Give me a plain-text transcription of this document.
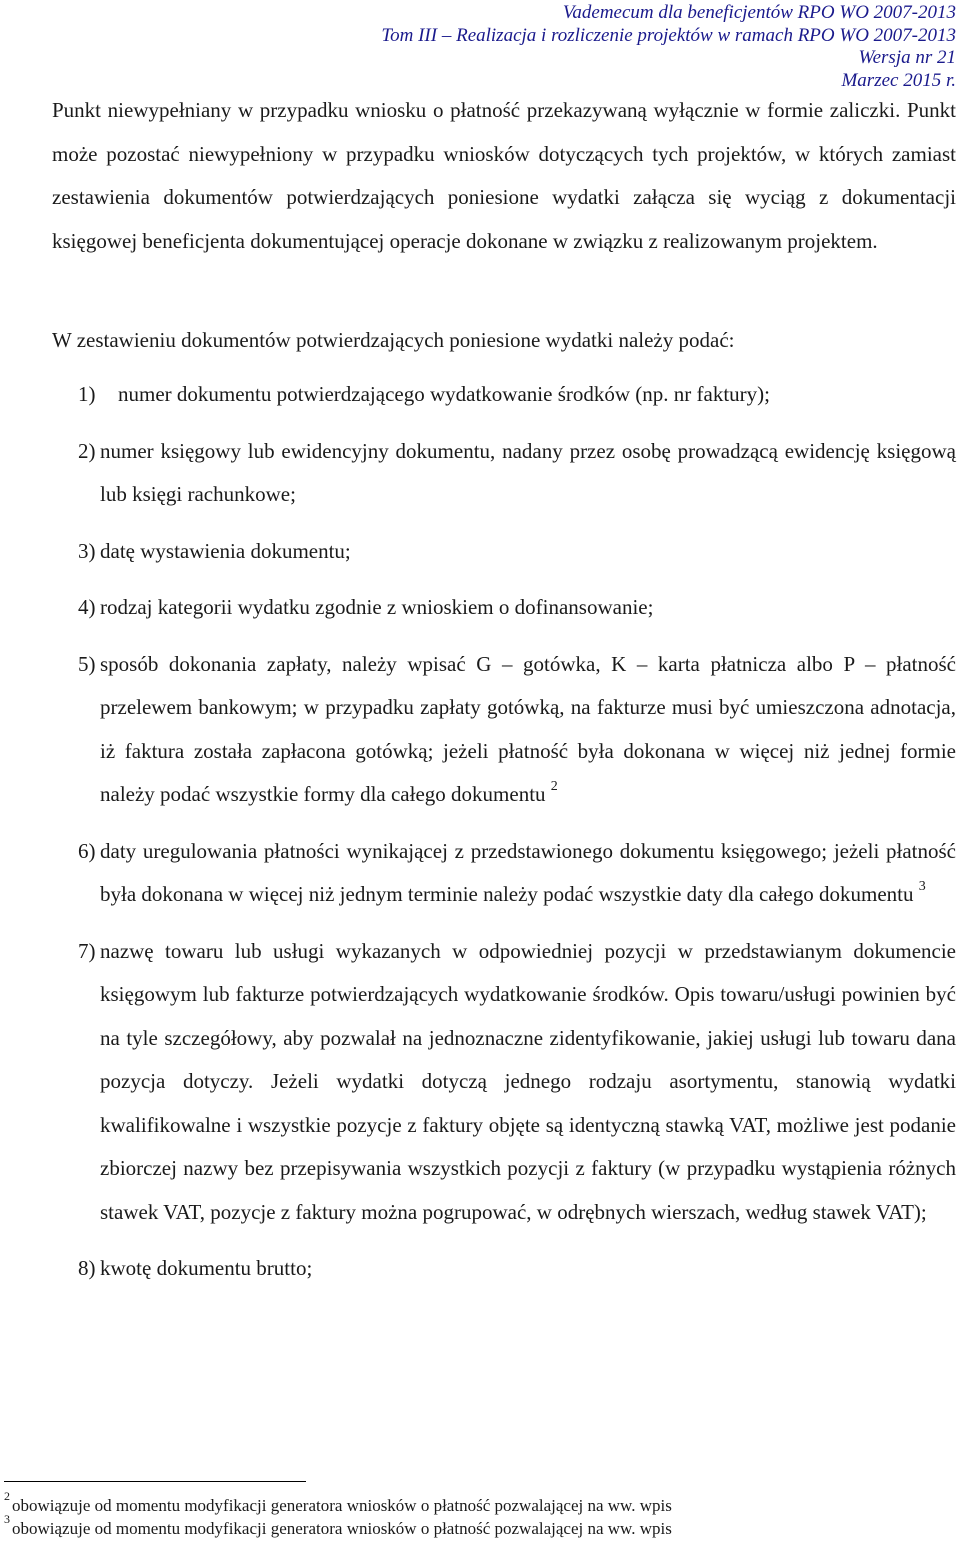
Vademecum dla beneficjentów RPO WO 2007-2013
Tom III – Realizacja i rozliczenie projektów w ramach RPO WO 2007-2013
Wersja nr 21
Marzec 2015 r.
Punkt niewypełniany w przypadku wniosku o płatność przekazywaną wyłącznie w formie zaliczki. Punkt może pozostać niewypełniony w przypadku wniosków dotyczących tych projektów, w których zamiast zestawienia dokumentów potwierdzających poniesione wydatki załącza się wyciąg z dokumentacji księgowej beneficjenta dokumentującej operacje dokonane w związku z realizowanym projektem.
W zestawieniu dokumentów potwierdzających poniesione wydatki należy podać:
1) numer dokumentu potwierdzającego wydatkowanie środków (np. nr faktury);
2) numer księgowy lub ewidencyjny dokumentu, nadany przez osobę prowadzącą ewidencję księgową lub księgi rachunkowe;
3) datę wystawienia dokumentu;
4) rodzaj kategorii wydatku zgodnie z wnioskiem o dofinansowanie;
5) sposób dokonania zapłaty, należy wpisać G – gotówka, K – karta płatnicza albo P – płatność przelewem bankowym; w przypadku zapłaty gotówką, na fakturze musi być umieszczona adnotacja, iż faktura została zapłacona gotówką; jeżeli płatność była dokonana w więcej niż jednej formie należy podać wszystkie formy dla całego dokumentu $^2$
6) daty uregulowania płatności wynikającej z przedstawionego dokumentu księgowego; jeżeli płatność była dokonana w więcej niż jednym terminie należy podać wszystkie daty dla całego dokumentu $^3$
7) nazwę towaru lub usługi wykazanych w odpowiedniej pozycji w przedstawianym dokumencie księgowym lub fakturze potwierdzających wydatkowanie środków. Opis towaru/usługi powinien być na tyle szczegółowy, aby pozwalał na jednoznaczne zidentyfikowanie, jakiej usługi lub towaru dana pozycja dotyczy. Jeżeli wydatki dotyczą jednego rodzaju asortymentu, stanowią wydatki kwalifikowalne i wszystkie pozycje z faktury objęte są identyczną stawką VAT, możliwe jest podanie zbiorczej nazwy bez przepisywania wszystkich pozycji z faktury (w przypadku wystąpienia różnych stawek VAT, pozycje z faktury można pogrupować, w odrębnych wierszach, według stawek VAT);
8) kwotę dokumentu brutto;
$^2$ obowiązuje od momentu modyfikacji generatora wniosków o płatność pozwalającej na ww. wpis
$^3$ obowiązuje od momentu modyfikacji generatora wniosków o płatność pozwalającej na ww. wpis
